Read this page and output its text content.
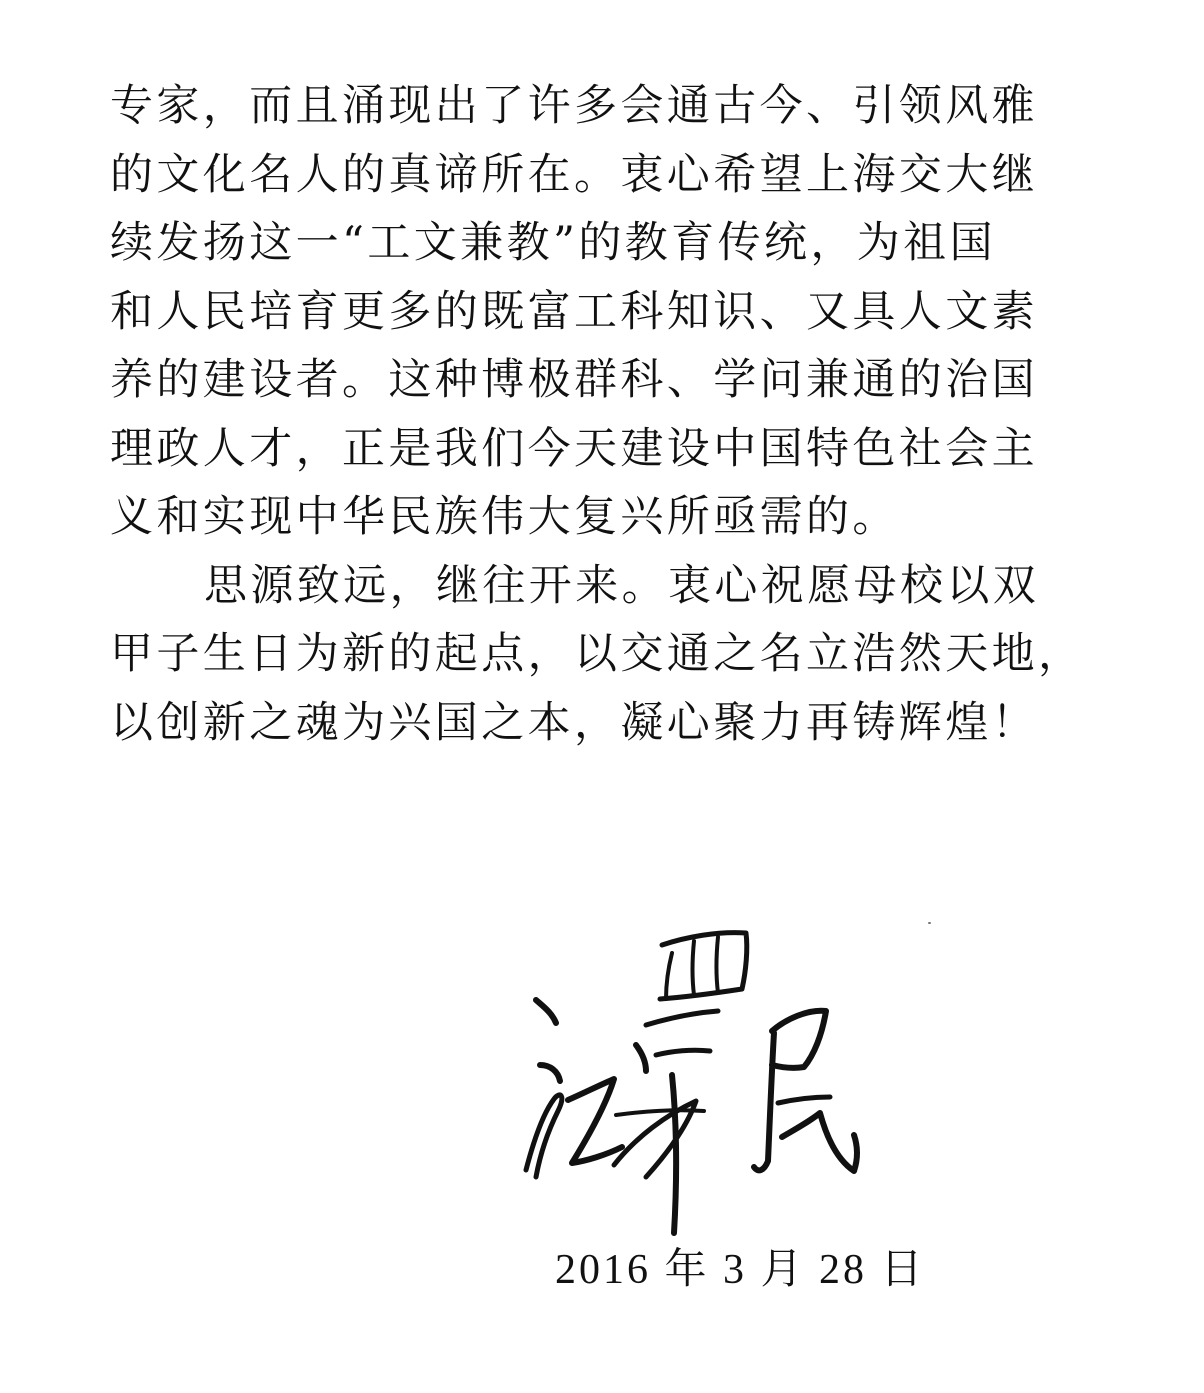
专家，而且涌现出了许多会通古今、引领风雅
的文化名人的真谛所在。衷心希望上海交大继
续发扬这一“工文兼教”的教育传统，为祖国
和人民培育更多的既富工科知识、又具人文素
养的建设者。这种博极群科、学问兼通的治国
理政人才，正是我们今天建设中国特色社会主
义和实现中华民族伟大复兴所亟需的。
思源致远，继往开来。衷心祝愿母校以双
甲子生日为新的起点，以交通之名立浩然天地，
以创新之魂为兴国之本，凝心聚力再铸辉煌！
2016 年 3 月 28 日
